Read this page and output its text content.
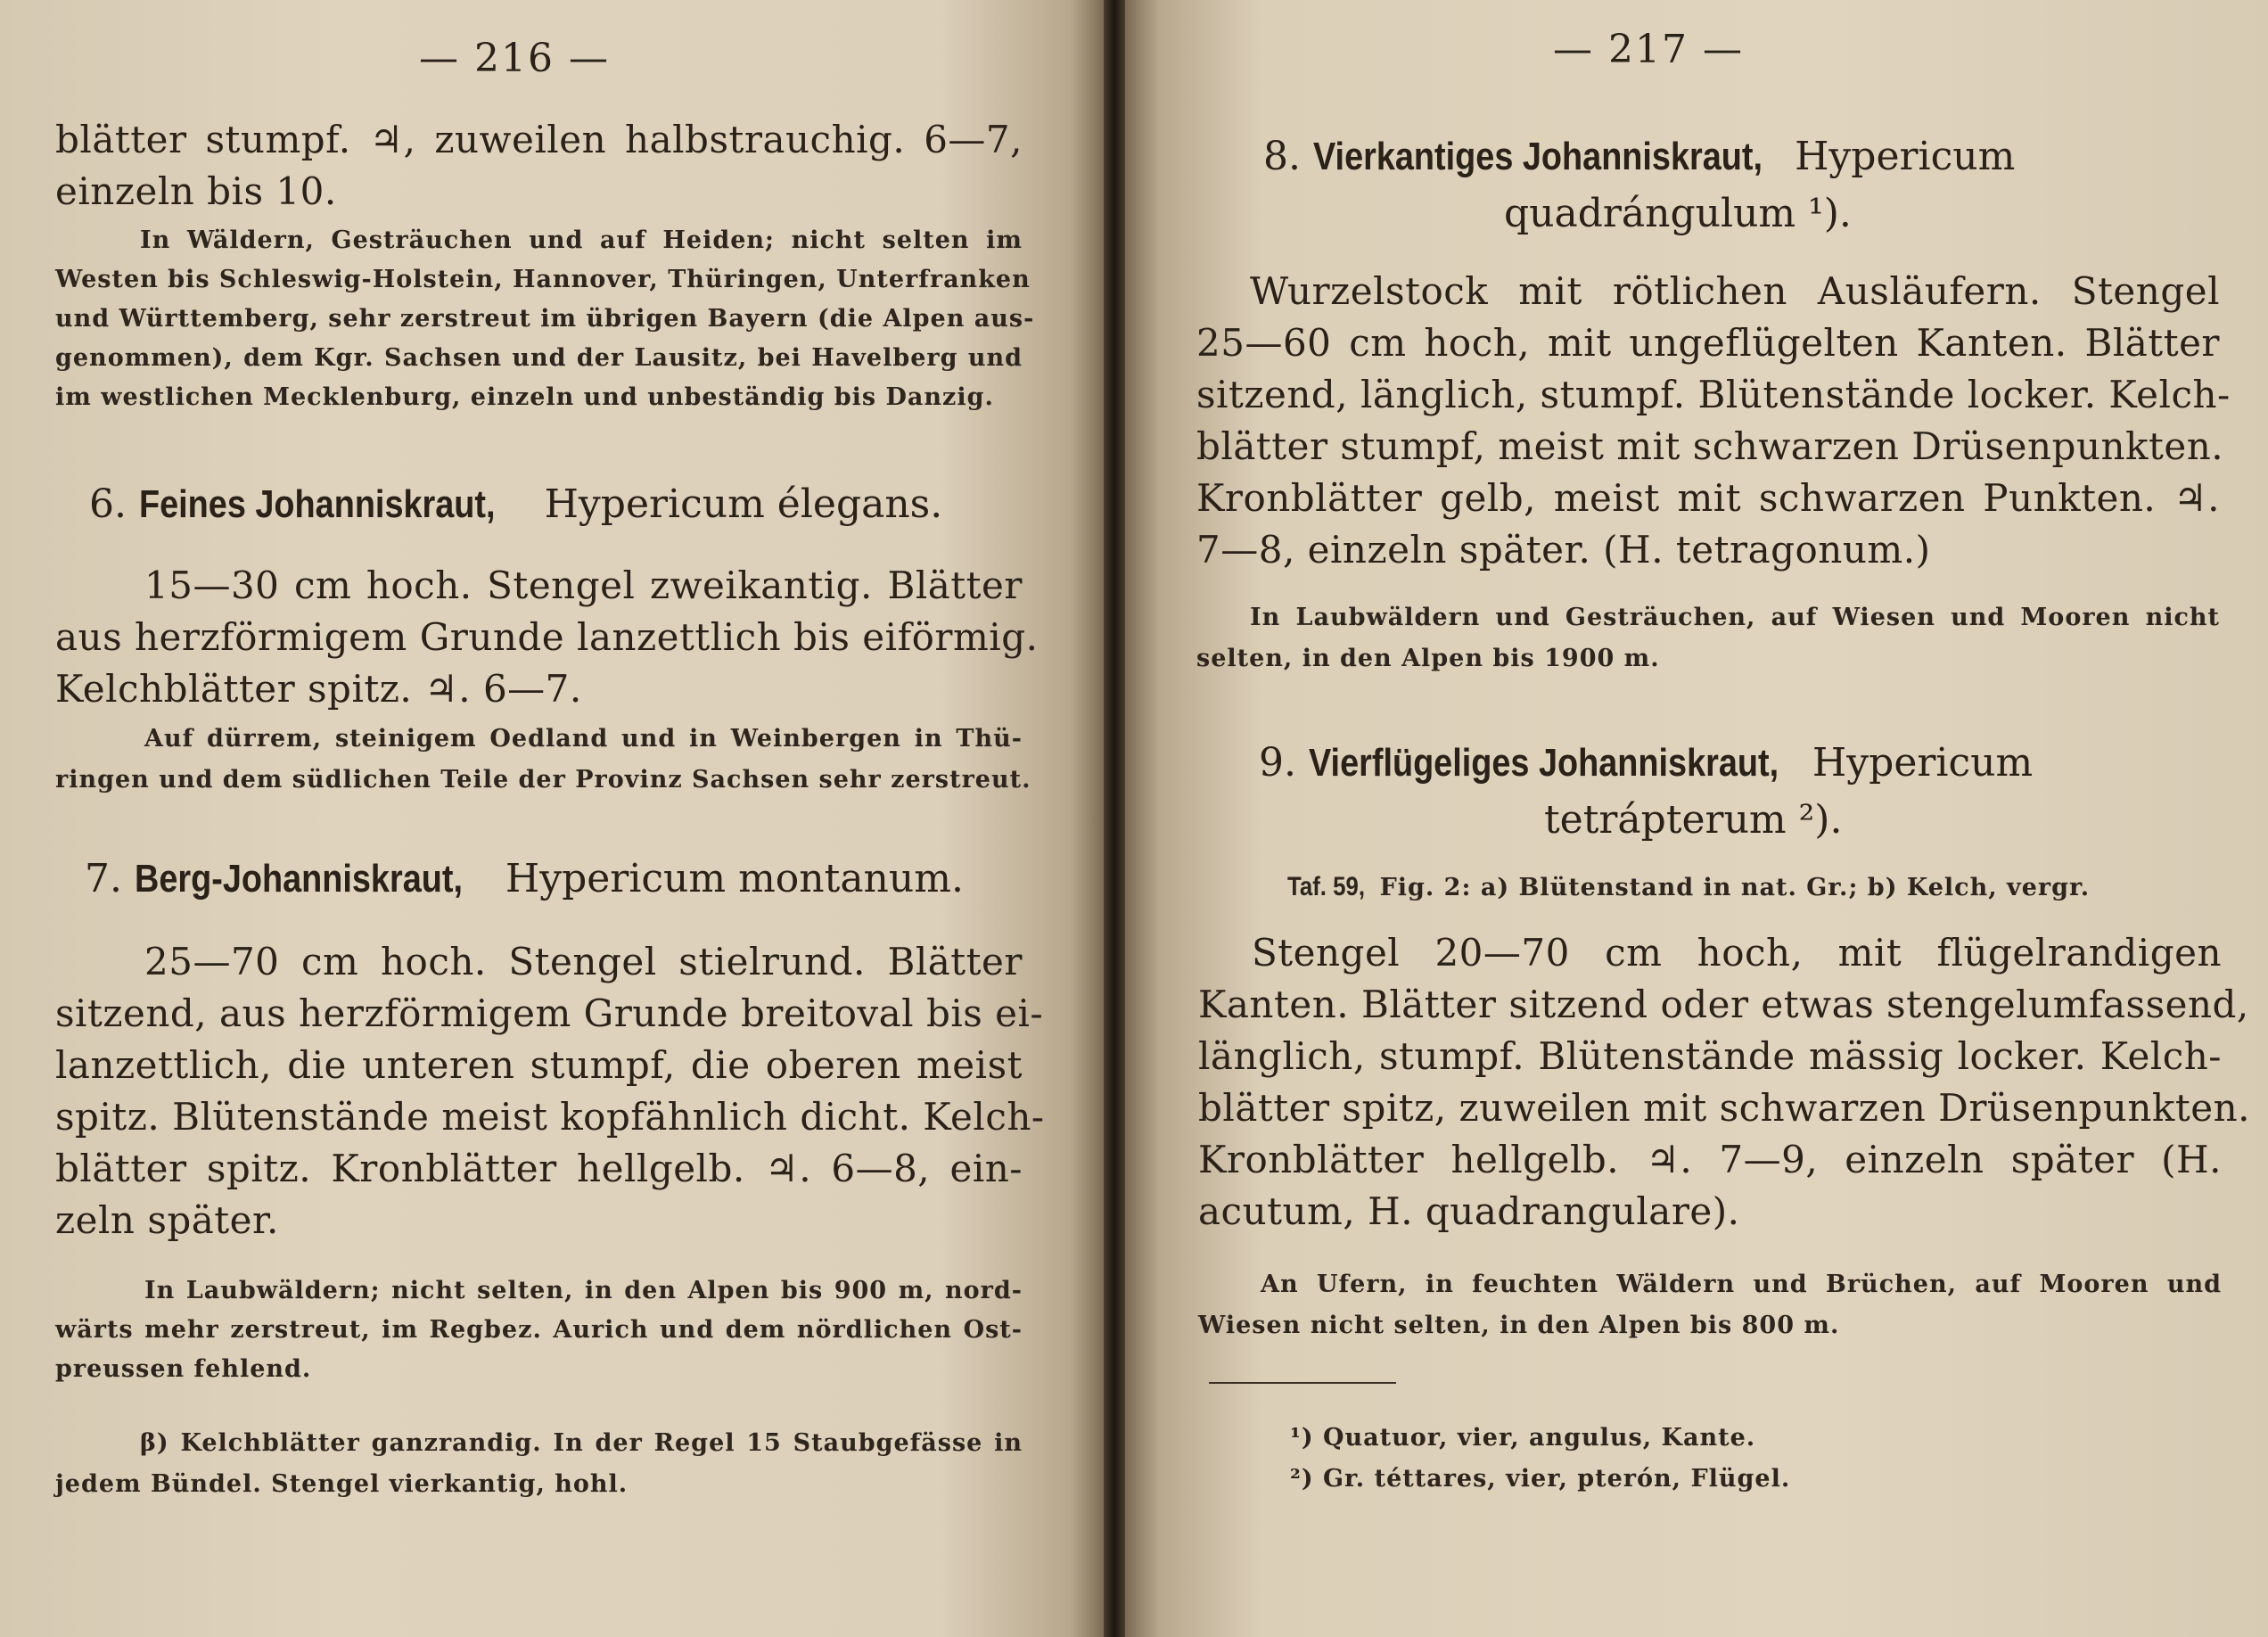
— 216 —
blätter stumpf. ♃, zuweilen halbstrauchig. 6—7,
einzeln bis 10.
In Wäldern, Gesträuchen und auf Heiden; nicht selten im
Westen bis Schleswig-Holstein, Hannover, Thüringen, Unterfranken
und Württemberg, sehr zerstreut im übrigen Bayern (die Alpen aus-
genommen), dem Kgr. Sachsen und der Lausitz, bei Havelberg und
im westlichen Mecklenburg, einzeln und unbeständig bis Danzig.
6. Feines Johanniskraut, Hypericum élegans.
15—30 cm hoch. Stengel zweikantig. Blätter
aus herzförmigem Grunde lanzettlich bis eiförmig.
Kelchblätter spitz. ♃. 6—7.
Auf dürrem, steinigem Oedland und in Weinbergen in Thü-
ringen und dem südlichen Teile der Provinz Sachsen sehr zerstreut.
7. Berg-Johanniskraut, Hypericum montanum.
25—70 cm hoch. Stengel stielrund. Blätter
sitzend, aus herzförmigem Grunde breitoval bis ei-
lanzettlich, die unteren stumpf, die oberen meist
spitz. Blütenstände meist kopfähnlich dicht. Kelch-
blätter spitz. Kronblätter hellgelb. ♃. 6—8, ein-
zeln später.
In Laubwäldern; nicht selten, in den Alpen bis 900 m, nord-
wärts mehr zerstreut, im Regbez. Aurich und dem nördlichen Ost-
preussen fehlend.
β) Kelchblätter ganzrandig. In der Regel 15 Staubgefässe in
jedem Bündel. Stengel vierkantig, hohl.
— 217 —
8. Vierkantiges Johanniskraut, Hypericum
quadrángulum ¹).
Wurzelstock mit rötlichen Ausläufern. Stengel
25—60 cm hoch, mit ungeflügelten Kanten. Blätter
sitzend, länglich, stumpf. Blütenstände locker. Kelch-
blätter stumpf, meist mit schwarzen Drüsenpunkten.
Kronblätter gelb, meist mit schwarzen Punkten. ♃.
7—8, einzeln später. (H. tetragonum.)
In Laubwäldern und Gesträuchen, auf Wiesen und Mooren nicht
selten, in den Alpen bis 1900 m.
9. Vierflügeliges Johanniskraut, Hypericum
tetrápterum ²).
Taf. 59, Fig. 2: a) Blütenstand in nat. Gr.; b) Kelch, vergr.
Stengel 20—70 cm hoch, mit flügelrandigen
Kanten. Blätter sitzend oder etwas stengelumfassend,
länglich, stumpf. Blütenstände mässig locker. Kelch-
blätter spitz, zuweilen mit schwarzen Drüsenpunkten.
Kronblätter hellgelb. ♃. 7—9, einzeln später (H.
acutum, H. quadrangulare).
An Ufern, in feuchten Wäldern und Brüchen, auf Mooren und
Wiesen nicht selten, in den Alpen bis 800 m.
¹) Quatuor, vier, angulus, Kante.
²) Gr. téttares, vier, pterón, Flügel.
